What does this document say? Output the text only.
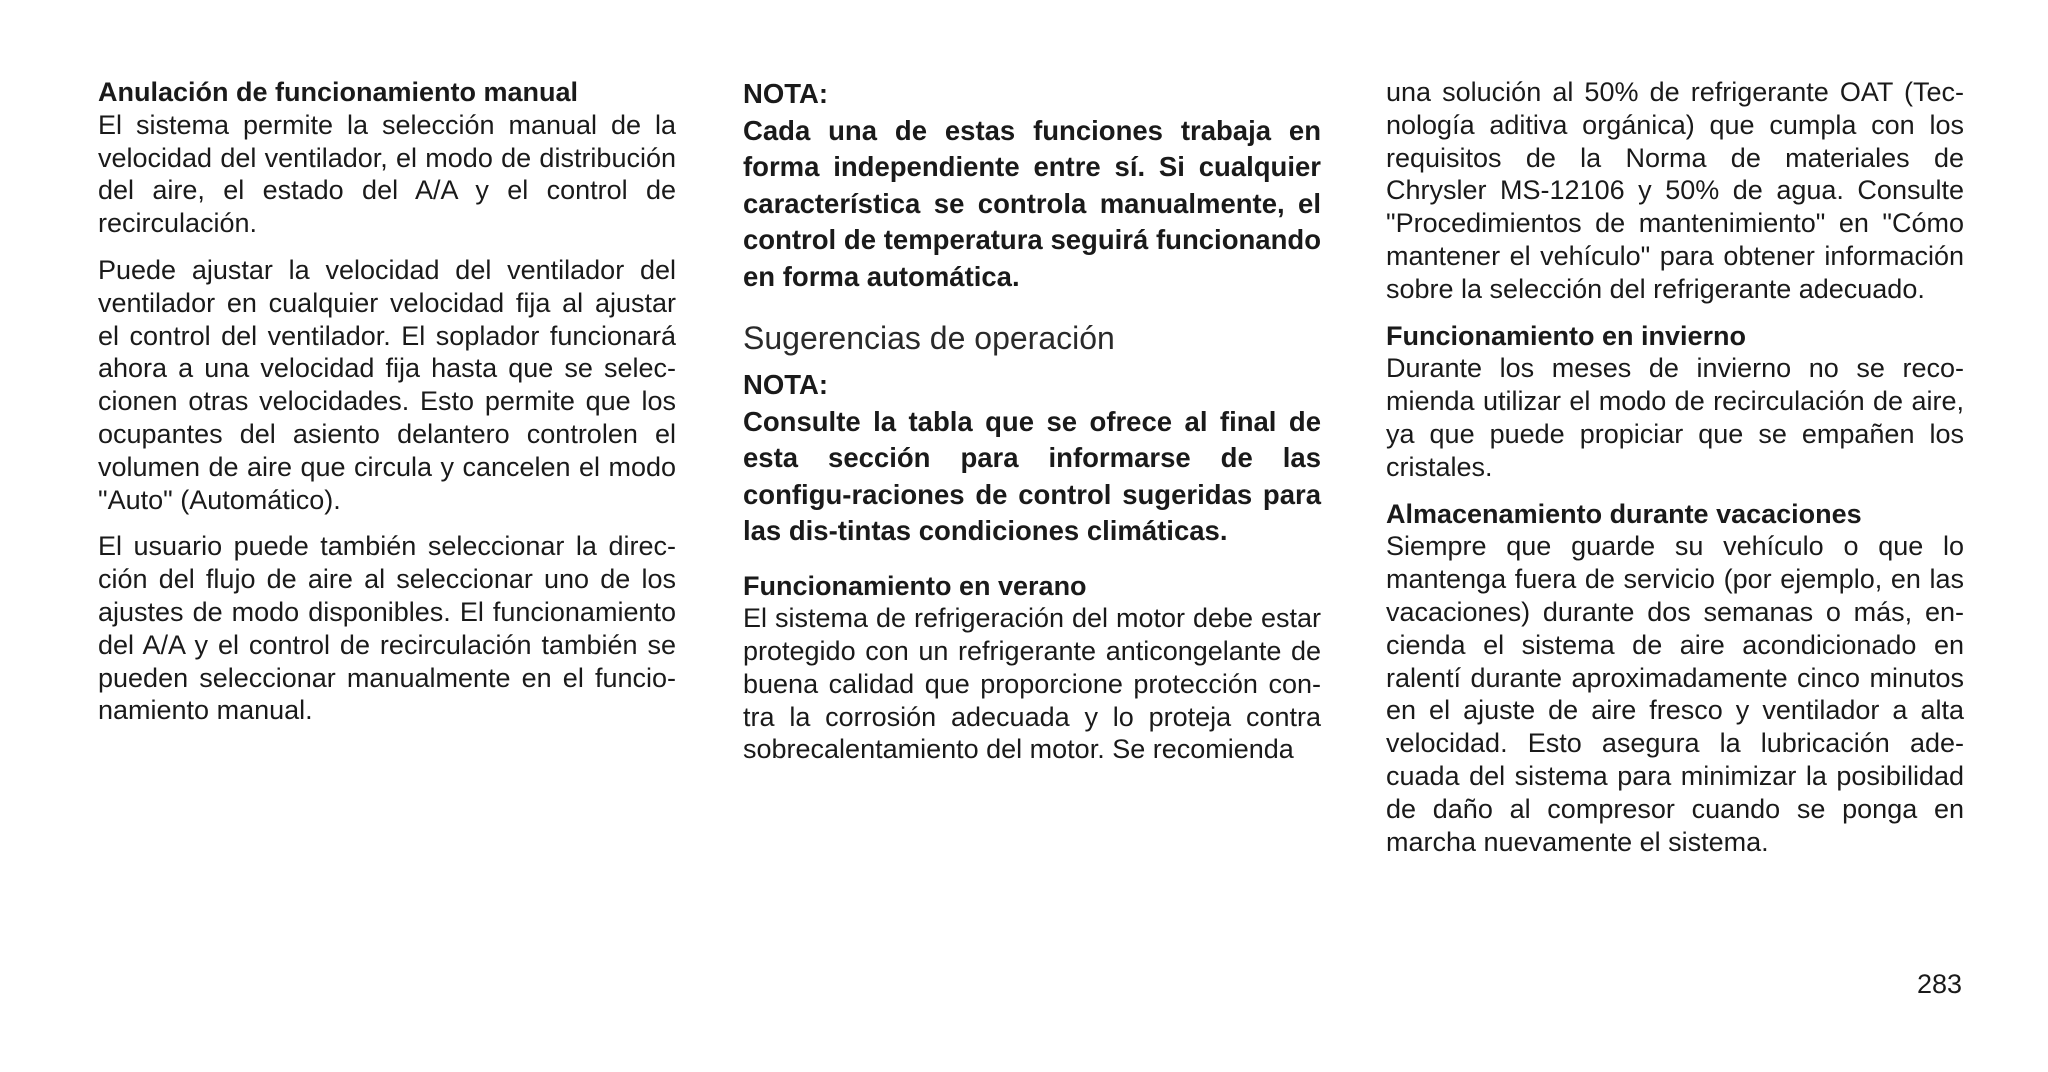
Anulación de funcionamiento manual

El sistema permite la selección manual de la velocidad del ventilador, el modo de distribución del aire, el estado del A/A y el control de recirculación.

Puede ajustar la velocidad del ventilador del ventilador en cualquier velocidad fija al ajustar el control del ventilador. El soplador funcionará ahora a una velocidad fija hasta que se selec-cionen otras velocidades. Esto permite que los ocupantes del asiento delantero controlen el volumen de aire que circula y cancelen el modo "Auto" (Automático).

El usuario puede también seleccionar la direc-ción del flujo de aire al seleccionar uno de los ajustes de modo disponibles. El funcionamiento del A/A y el control de recirculación también se pueden seleccionar manualmente en el funcio-namiento manual.

NOTA:

Cada una de estas funciones trabaja en forma independiente entre sí. Si cualquier característica se controla manualmente, el control de temperatura seguirá funcionando en forma automática.

Sugerencias de operación
NOTA:

Consulte la tabla que se ofrece al final de esta sección para informarse de las configu-raciones de control sugeridas para las dis-tintas condiciones climáticas.

Funcionamiento en verano

El sistema de refrigeración del motor debe estar protegido con un refrigerante anticongelante de buena calidad que proporcione protección con-tra la corrosión adecuada y lo proteja contra sobrecalentamiento del motor. Se recomienda

una solución al 50% de refrigerante OAT (Tec-nología aditiva orgánica) que cumpla con los requisitos de la Norma de materiales de Chrysler MS-12106 y 50% de agua. Consulte "Procedimientos de mantenimiento" en "Cómo mantener el vehículo" para obtener información sobre la selección del refrigerante adecuado.

Funcionamiento en invierno

Durante los meses de invierno no se reco-mienda utilizar el modo de recirculación de aire, ya que puede propiciar que se empañen los cristales.

Almacenamiento durante vacaciones

Siempre que guarde su vehículo o que lo mantenga fuera de servicio (por ejemplo, en las vacaciones) durante dos semanas o más, en-cienda el sistema de aire acondicionado en ralentí durante aproximadamente cinco minutos en el ajuste de aire fresco y ventilador a alta velocidad. Esto asegura la lubricación ade-cuada del sistema para minimizar la posibilidad de daño al compresor cuando se ponga en marcha nuevamente el sistema.

283
